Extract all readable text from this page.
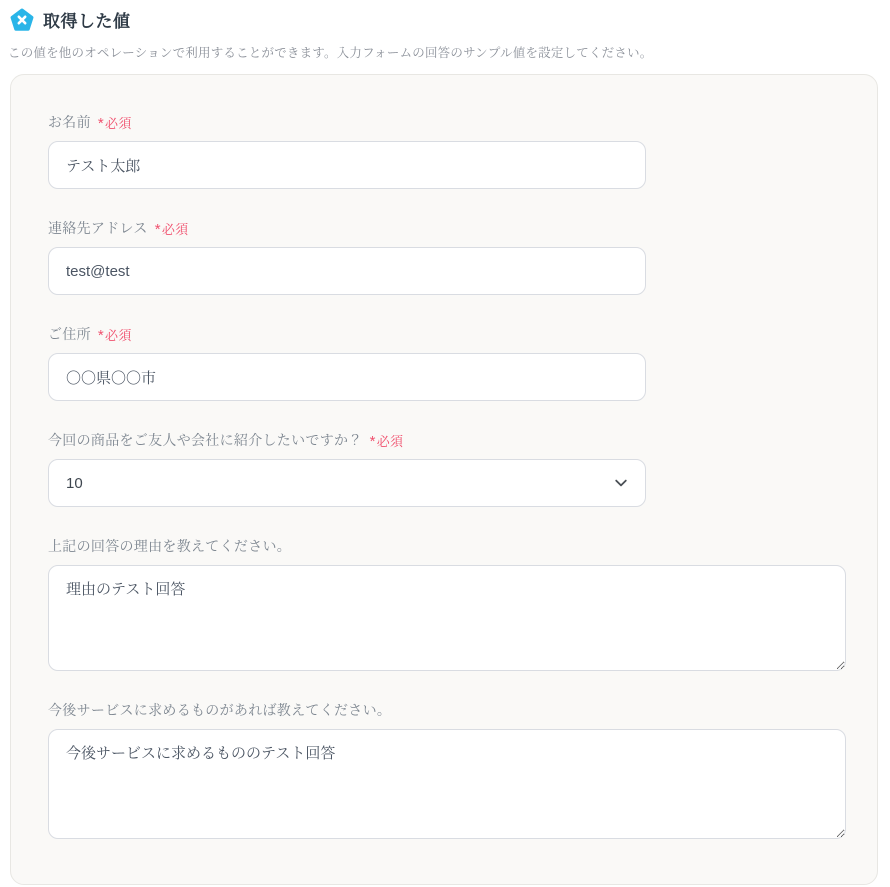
取得した値
この値を他のオペレーションで利用することができます。入力フォームの回答のサンプル値を設定してください。
お名前 * 必須
テスト太郎
連絡先アドレス * 必須
test@test
ご住所 * 必須
〇〇県〇〇市
今回の商品をご友人や会社に紹介したいですか？ * 必須
10
上記の回答の理由を教えてください。
理由のテスト回答
今後サービスに求めるものがあれば教えてください。
今後サービスに求めるもののテスト回答
